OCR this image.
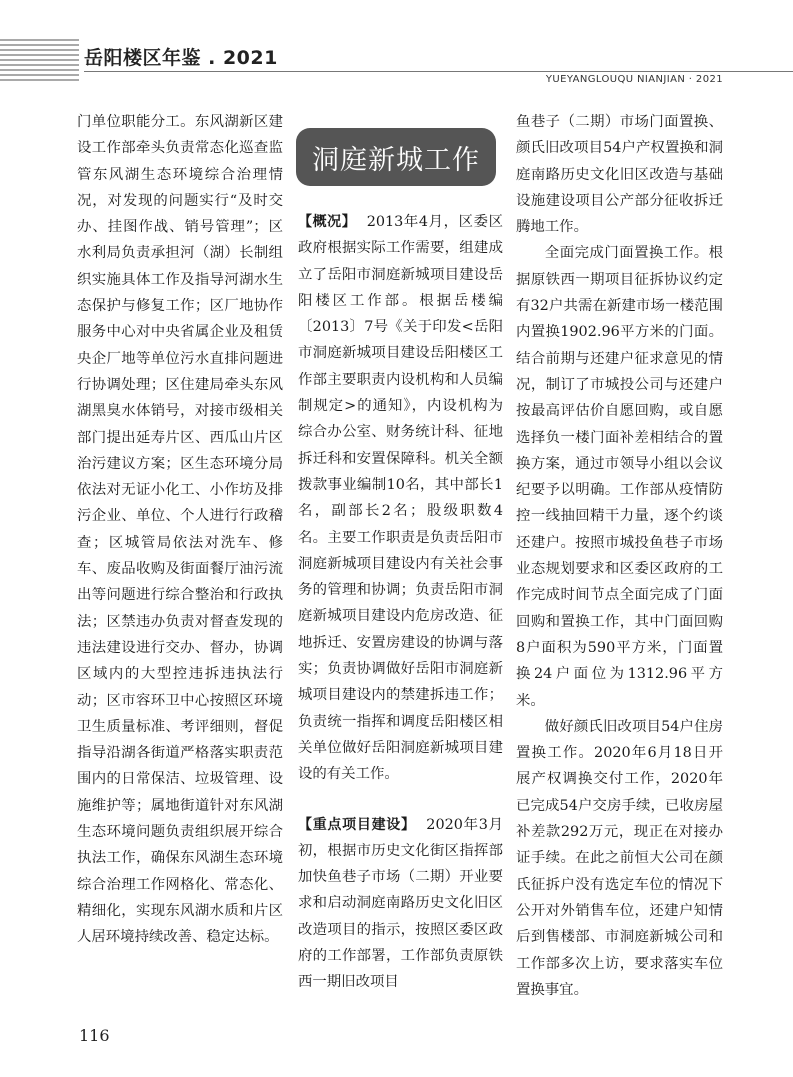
岳阳楼区年鉴 . 2021
YUEYANGLOUQU NIANJIAN · 2021

门单位职能分工。东风湖新区建设工作部牵头负责常态化巡查监管东风湖生态环境综合治理情况，对发现的问题实行“及时交办、挂图作战、销号管理”；区水利局负责承担河（湖）长制组织实施具体工作及指导河湖水生态保护与修复工作；区厂地协作服务中心对中央省属企业及租赁央企厂地等单位污水直排问题进行协调处理；区住建局牵头东风湖黑臭水体销号，对接市级相关部门提出延寿片区、西瓜山片区治污建议方案；区生态环境分局依法对无证小化工、小作坊及排污企业、单位、个人进行行政稽查；区城管局依法对洗车、修车、废品收购及街面餐厅油污流出等问题进行综合整治和行政执法；区禁违办负责对督查发现的违法建设进行交办、督办，协调区域内的大型控违拆违执法行动；区市容环卫中心按照区环境卫生质量标准、考评细则，督促指导沿湖各街道严格落实职责范围内的日常保洁、垃圾管理、设施维护等；属地街道针对东风湖生态环境问题负责组织展开综合执法工作，确保东风湖生态环境综合治理工作网格化、常态化、精细化，实现东风湖水质和片区人居环境持续改善、稳定达标。

洞庭新城工作

【概况】 2013年4月，区委区政府根据实际工作需要，组建成立了岳阳市洞庭新城项目建设岳阳楼区工作部。根据岳楼编〔2013〕7号《关于印发<岳阳市洞庭新城项目建设岳阳楼区工作部主要职责内设机构和人员编制规定>的通知》，内设机构为综合办公室、财务统计科、征地拆迁科和安置保障科。机关全额拨款事业编制10名，其中部长1名，副部长2名；股级职数4名。主要工作职责是负责岳阳市洞庭新城项目建设内有关社会事务的管理和协调；负责岳阳市洞庭新城项目建设内危房改造、征地拆迁、安置房建设的协调与落实；负责协调做好岳阳市洞庭新城项目建设内的禁建拆违工作；负责统一指挥和调度岳阳楼区相关单位做好岳阳洞庭新城项目建设的有关工作。

【重点项目建设】 2020年3月初，根据市历史文化街区指挥部加快鱼巷子市场（二期）开业要求和启动洞庭南路历史文化旧区改造项目的指示，按照区委区政府的工作部署，工作部负责原铁西一期旧改项目

鱼巷子（二期）市场门面置换、颜氏旧改项目54户产权置换和洞庭南路历史文化旧区改造与基础设施建设项目公产部分征收拆迁腾地工作。

全面完成门面置换工作。根据原铁西一期项目征拆协议约定有32户共需在新建市场一楼范围内置换1902.96平方米的门面。结合前期与还建户征求意见的情况，制订了市城投公司与还建户按最高评估价自愿回购，或自愿选择负一楼门面补差相结合的置换方案，通过市领导小组以会议纪要予以明确。工作部从疫情防控一线抽回精干力量，逐个约谈还建户。按照市城投鱼巷子市场业态规划要求和区委区政府的工作完成时间节点全面完成了门面回购和置换工作，其中门面回购8户面积为590平方米，门面置换24户面位为1312.96平方米。

做好颜氏旧改项目54户住房置换工作。2020年6月18日开展产权调换交付工作，2020年已完成54户交房手续，已收房屋补差款292万元，现正在对接办证手续。在此之前恒大公司在颜氏征拆户没有选定车位的情况下公开对外销售车位，还建户知情后到售楼部、市洞庭新城公司和工作部多次上访，要求落实车位置换事宜。

116
